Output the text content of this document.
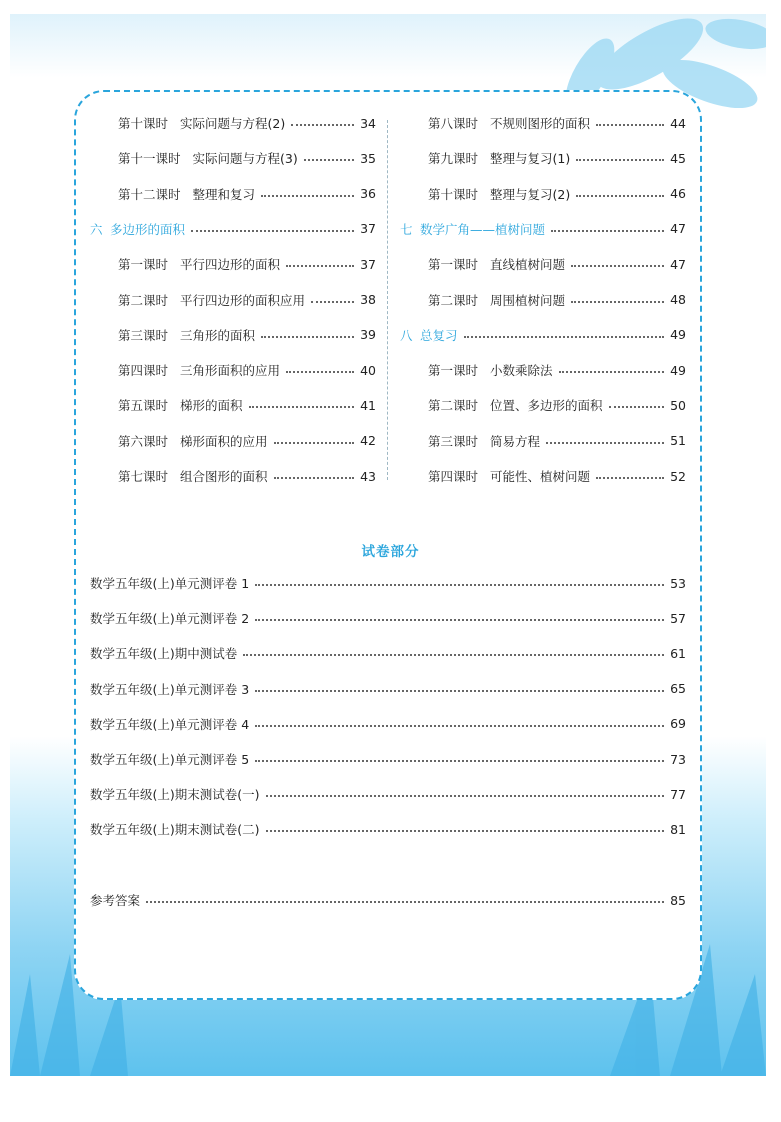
第十课时 实际问题与方程(2)	34
第十一课时 实际问题与方程(3)	35
第十二课时 整理和复习	36
六 多边形的面积	37
第一课时 平行四边形的面积	37
第二课时 平行四边形的面积应用	38
第三课时 三角形的面积	39
第四课时 三角形面积的应用	40
第五课时 梯形的面积	41
第六课时 梯形面积的应用	42
第七课时 组合图形的面积	43
第八课时 不规则图形的面积	44
第九课时 整理与复习(1)	45
第十课时 整理与复习(2)	46
七 数学广角——植树问题	47
第一课时 直线植树问题	47
第二课时 周围植树问题	48
八 总复习	49
第一课时 小数乘除法	49
第二课时 位置、多边形的面积	50
第三课时 简易方程	51
第四课时 可能性、植树问题	52
试卷部分
数学五年级(上)单元测评卷 1	53
数学五年级(上)单元测评卷 2	57
数学五年级(上)期中测试卷	61
数学五年级(上)单元测评卷 3	65
数学五年级(上)单元测评卷 4	69
数学五年级(上)单元测评卷 5	73
数学五年级(上)期末测试卷(一)	77
数学五年级(上)期末测试卷(二)	81
参考答案	85
